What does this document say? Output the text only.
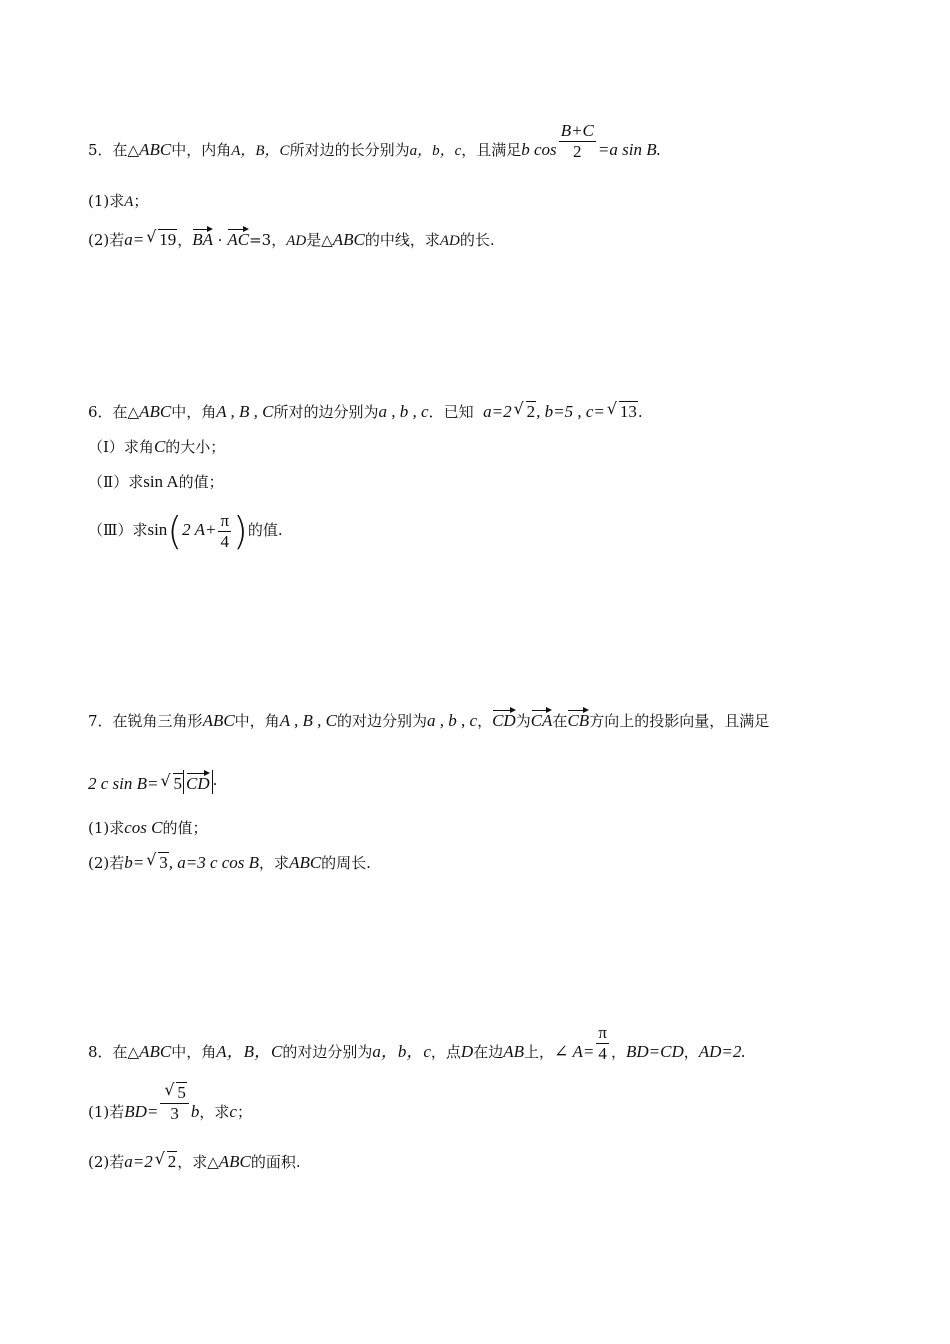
5．在△ABC中，内角A，B，C所对边的长分别为a，b，c，且满足b $\cos \frac{B+C}{2} =a$ sin B.
(1)求A；
(2)若a= √ 19，BA · AC=3，AD是△ABC的中线，求AD的长.
6．在△ABC中，角A , B , C所对的边分别为a , b , c．已知 a=2 √ 2, b=5 , c= √ 13.
（Ⅰ）求角C的大小；
（Ⅱ）求sin A的值；
（Ⅲ）求sin(2 $A+ \frac{\pi}{4}$ )的值.
7．在锐角三角形ABC中，角A , B , C的对边分别为a , b , c，CD为CA在CB方向上的投影向量，且满足
2 c sin B= √ 5 CD .
(1)求cos C的值；
(2)若b= √ 3, a=3 c cos B，求ABC的周长.
8．在△ABC中，角A，B，C的对边分别为a，b，c，点D在边AB上，∠ $A= \frac{\pi}{4}$ ，BD=CD，AD=2.
(1)若$BD= \frac{√ 5}{3}$ b，求c；
(2)若a=2 √ 2，求△ABC的面积.
